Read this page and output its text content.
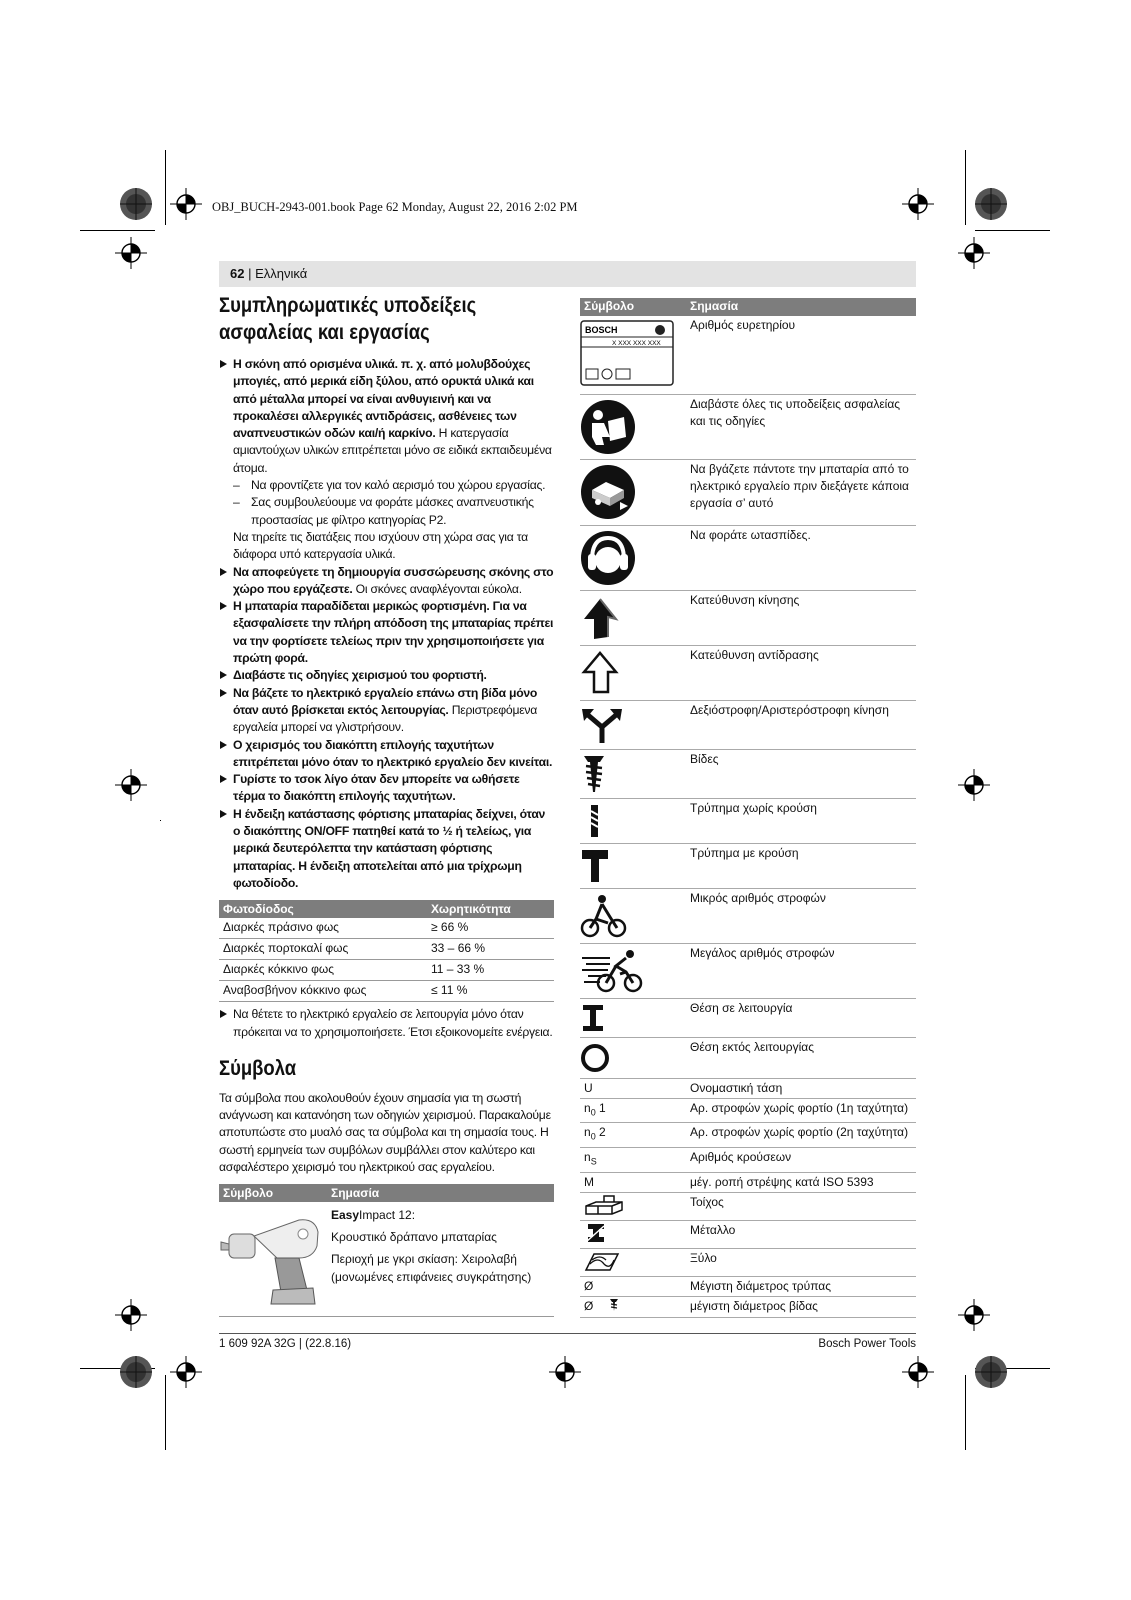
OBJ_BUCH-2943-001.book Page 62 Monday, August 22, 2016 2:02 PM
62 | Ελληνικά
Συμπληρωματικές υποδείξεις
ασφαλείας και εργασίας

Η σκόνη από ορισμένα υλικά. π. χ. από μολυβδούχες μπογιές, από μερικά είδη ξύλου, από ορυκτά υλικά και από μέταλλα μπορεί να είναι ανθυγιεινή και να προκαλέσει αλλεργικές αντιδράσεις, ασθένειες των αναπνευστικών οδών και/ή καρκίνο. Η κατεργασία αμιαντούχων υλικών επιτρέπεται μόνο σε ειδικά εκπαιδευμένα άτομα.

– Να φροντίζετε για τον καλό αερισμό του χώρου εργασίας.

– Σας συμβουλεύουμε να φοράτε μάσκες αναπνευστικής προστασίας με φίλτρο κατηγορίας P2.

Να τηρείτε τις διατάξεις που ισχύουν στη χώρα σας για τα διάφορα υπό κατεργασία υλικά.

Να αποφεύγετε τη δημιουργία συσσώρευσης σκόνης στο χώρο που εργάζεστε. Οι σκόνες αναφλέγονται εύκολα.

Η μπαταρία παραδίδεται μερικώς φορτισμένη. Για να εξασφαλίσετε την πλήρη απόδοση της μπαταρίας πρέπει να την φορτίσετε τελείως πριν την χρησιμοποιήσετε για πρώτη φορά.

Διαβάστε τις οδηγίες χειρισμού του φορτιστή.

Να βάζετε το ηλεκτρικό εργαλείο επάνω στη βίδα μόνο όταν αυτό βρίσκεται εκτός λειτουργίας. Περιστρεφόμενα εργαλεία μπορεί να γλιστρήσουν.

Ο χειρισμός του διακόπτη επιλογής ταχυτήτων επιτρέπεται μόνο όταν το ηλεκτρικό εργαλείο δεν κινείται.

Γυρίστε το τσοκ λίγο όταν δεν μπορείτε να ωθήσετε τέρμα το διακόπτη επιλογής ταχυτήτων.

Η ένδειξη κατάστασης φόρτισης μπαταρίας δείχνει, όταν ο διακόπτης ON/OFF πατηθεί κατά το ½ ή τελείως, για μερικά δευτερόλεπτα την κατάσταση φόρτισης μπαταρίας. Η ένδειξη αποτελείται από μια τρίχρωμη φωτοδίοδο.

Φωτοδίοδος	Χωρητικότητα
Διαρκές πράσινο φως	≥ 66 %
Διαρκές πορτοκαλί φως	33 – 66 %
Διαρκές κόκκινο φως	11 – 33 %
Αναβοσβήνον κόκκινο φως	≤ 11 %

Να θέτετε το ηλεκτρικό εργαλείο σε λειτουργία μόνο όταν πρόκειται να το χρησιμοποιήσετε. Έτσι εξοικονομείτε ενέργεια.

Σύμβολα

Τα σύμβολα που ακολουθούν έχουν σημασία για τη σωστή ανάγνωση και κατανόηση των οδηγιών χειρισμού. Παρακαλούμε αποτυπώστε στο μυαλό σας τα σύμβολα και τη σημασία τους. Η σωστή ερμηνεία των συμβόλων συμβάλλει στον καλύτερο και ασφαλέστερο χειρισμό του ηλεκτρικού σας εργαλείου.

Σύμβολο	Σημασία

EasyImpact 12:
Κρουστικό δράπανο μπαταρίας
Περιοχή με γκρι σκίαση: Χειρολαβή (μονωμένες επιφάνειες συγκράτησης)
Σύμβολο	Σημασία

BOSCH
X XXX XXX XXX	Αριθμός ευρετηρίου

	Διαβάστε όλες τις υποδείξεις ασφαλείας και τις οδηγίες

	Να βγάζετε πάντοτε την μπαταρία από το ηλεκτρικό εργαλείο πριν διεξάγετε κάποια εργασία σ’ αυτό

	Να φοράτε ωτασπίδες.

	Κατεύθυνση κίνησης

	Κατεύθυνση αντίδρασης

	Δεξιόστροφη/Αριστερόστροφη κίνηση

	Βίδες

	Τρύπημα χωρίς κρούση

	Τρύπημα με κρούση

	Μικρός αριθμός στροφών

	Μεγάλος αριθμός στροφών

	Θέση σε λειτουργία

	Θέση εκτός λειτουργίας
U	Ονομαστική τάση
$n_0$ 1	Αρ. στροφών χωρίς φορτίο (1η ταχύτητα)
$n_0$ 2	Αρ. στροφών χωρίς φορτίο (2η ταχύτητα)
$n_S$	Αριθμός κρούσεων
M	μέγ. ροπή στρέψης κατά ISO 5393

	Τοίχος

	Μέταλλο

	Ξύλο
Ø	Μέγιστη διάμετρος τρύπας
Ø	μέγιστη διάμετρος βίδας
1 609 92A 32G | (22.8.16)	Bosch Power Tools
